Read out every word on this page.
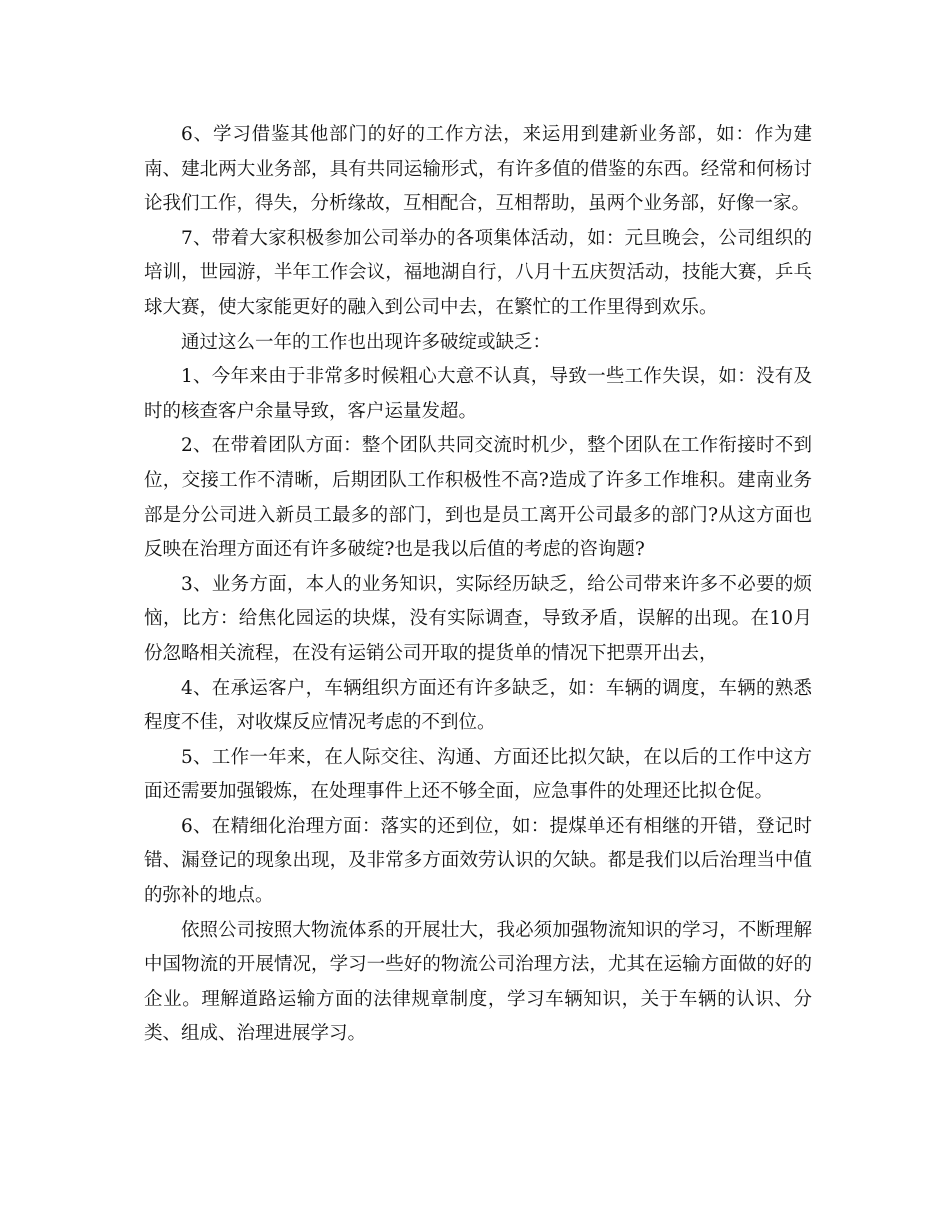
6、学习借鉴其他部门的好的工作方法，来运用到建新业务部，如：作为建南、建北两大业务部，具有共同运输形式，有许多值的借鉴的东西。经常和何杨讨论我们工作，得失，分析缘故，互相配合，互相帮助，虽两个业务部，好像一家。

7、带着大家积极参加公司举办的各项集体活动，如：元旦晚会，公司组织的培训，世园游，半年工作会议，福地湖自行，八月十五庆贺活动，技能大赛，乒乓球大赛，使大家能更好的融入到公司中去，在繁忙的工作里得到欢乐。

通过这么一年的工作也出现许多破绽或缺乏：

1、今年来由于非常多时候粗心大意不认真，导致一些工作失误，如：没有及时的核查客户余量导致，客户运量发超。

2、在带着团队方面：整个团队共同交流时机少，整个团队在工作衔接时不到位，交接工作不清晰，后期团队工作积极性不高?造成了许多工作堆积。建南业务部是分公司进入新员工最多的部门，到也是员工离开公司最多的部门?从这方面也反映在治理方面还有许多破绽?也是我以后值的考虑的咨询题?

3、业务方面，本人的业务知识，实际经历缺乏，给公司带来许多不必要的烦恼，比方：给焦化园运的块煤，没有实际调查，导致矛盾，误解的出现。在10月份忽略相关流程，在没有运销公司开取的提货单的情况下把票开出去，

4、在承运客户，车辆组织方面还有许多缺乏，如：车辆的调度，车辆的熟悉程度不佳，对收煤反应情况考虑的不到位。

5、工作一年来，在人际交往、沟通、方面还比拟欠缺，在以后的工作中这方面还需要加强锻炼，在处理事件上还不够全面，应急事件的处理还比拟仓促。

6、在精细化治理方面：落实的还到位，如：提煤单还有相继的开错，登记时错、漏登记的现象出现，及非常多方面效劳认识的欠缺。都是我们以后治理当中值的弥补的地点。

依照公司按照大物流体系的开展壮大，我必须加强物流知识的学习，不断理解中国物流的开展情况，学习一些好的物流公司治理方法，尤其在运输方面做的好的企业。理解道路运输方面的法律规章制度，学习车辆知识，关于车辆的认识、分类、组成、治理进展学习。
